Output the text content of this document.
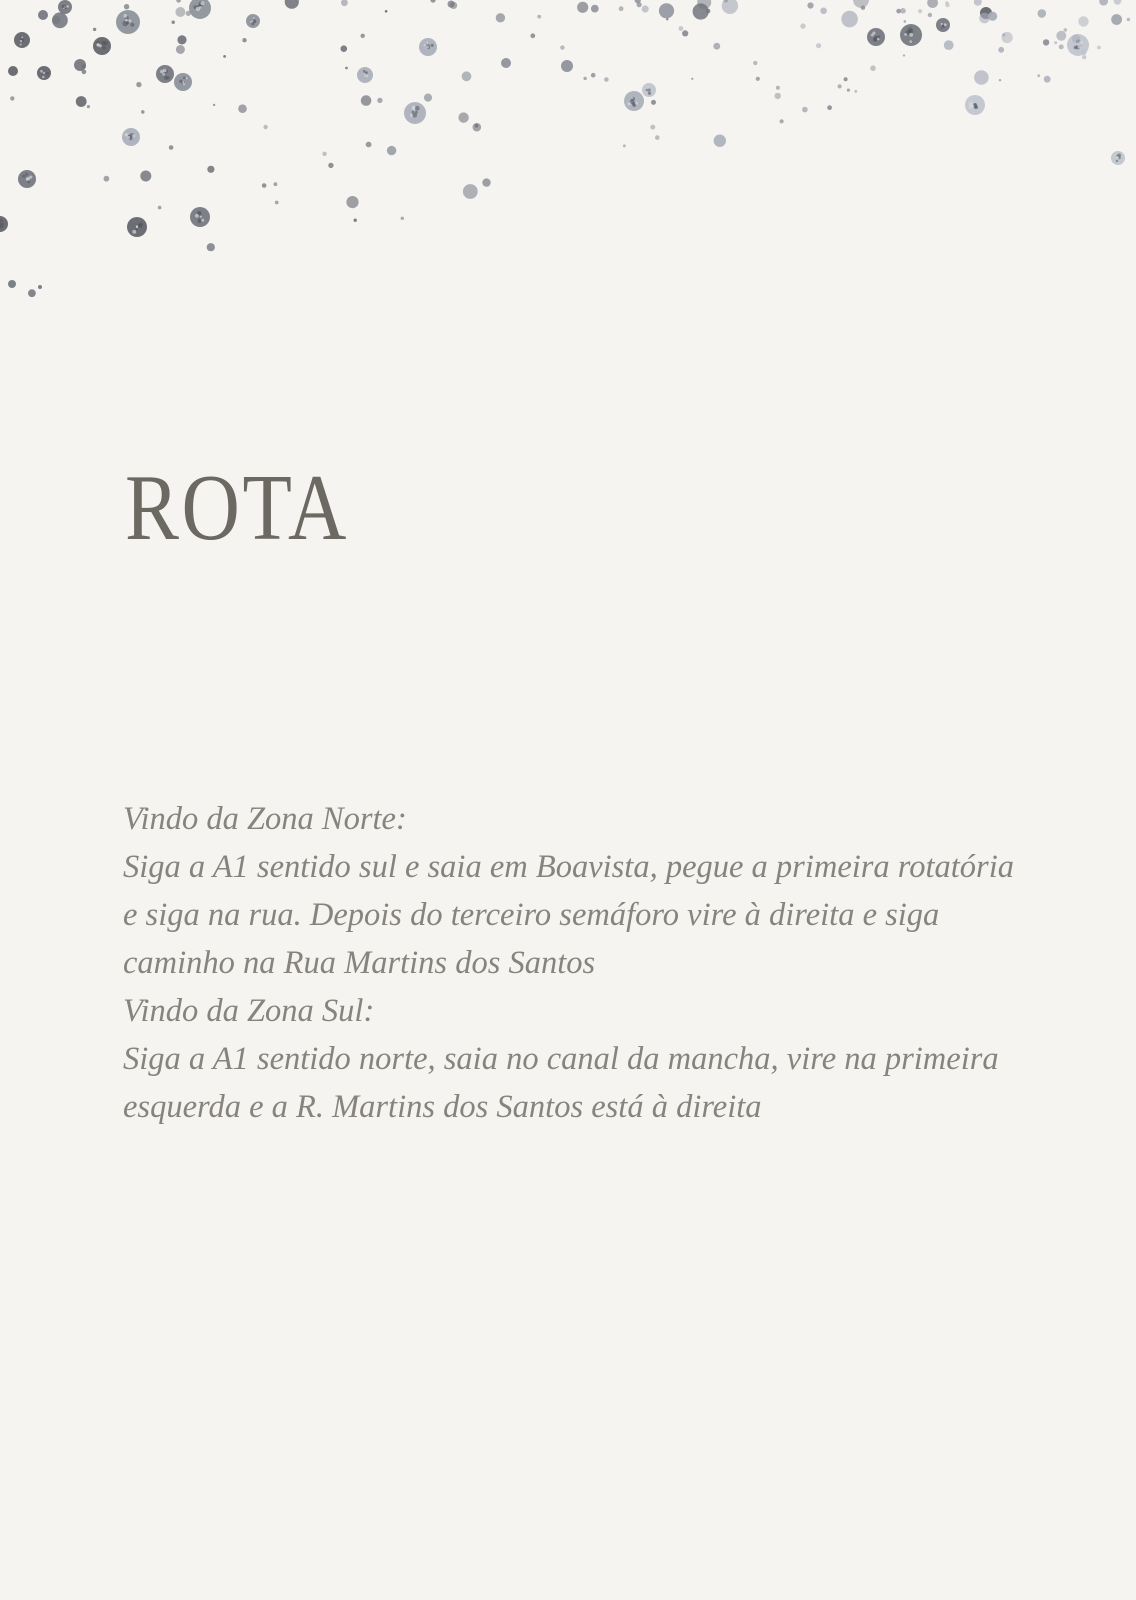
ROTA
Vindo da Zona Norte:
Siga a A1 sentido sul e saia em Boavista, pegue a primeira rotatória
e siga na rua. Depois do terceiro semáforo vire à direita e siga
caminho na Rua Martins dos Santos
Vindo da Zona Sul:
Siga a A1 sentido norte, saia no canal da mancha, vire na primeira
esquerda e a R. Martins dos Santos está à direita
